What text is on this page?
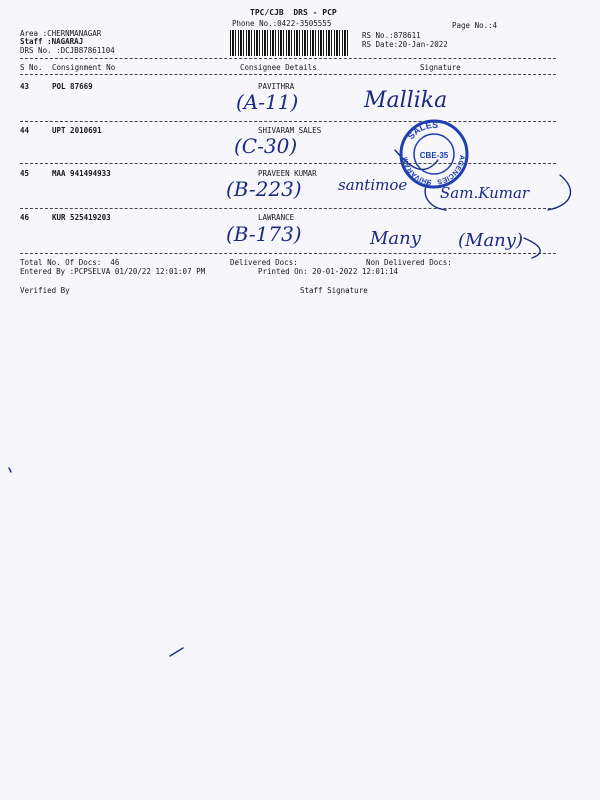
TPC/CJB  DRS - PCP
Phone No.:0422-3505555	Page No.:4
Area :CHERNMANAGAR
Staff :NAGARAJ
DRS No. :DCJB87861104
RS No.:878611
RS Date:20-Jan-2022
S No. Consignment No	Consignee Details	Signature
43	POL 87669	PAVITHRA
(A-11)	Mallika
44	UPT 2010691	SHIVARAM SALES
(C-30)
45	MAA 941494933	PRAVEEN KUMAR
(B-223) santimoe Sam.Kumar
46	KUR 525419203	LAWRANCE
(B-173)	Many (Many)
Total No. Of Docs:  46	Delivered Docs:	Non Delivered Docs:
Entered By :PCPSELVA 01/20/22 12:01:07 PM	Printed On: 20-01-2022 12:01:14
Verified By	Staff Signature
SALES
SHIVARAM	AGENCIES
CBE-35
